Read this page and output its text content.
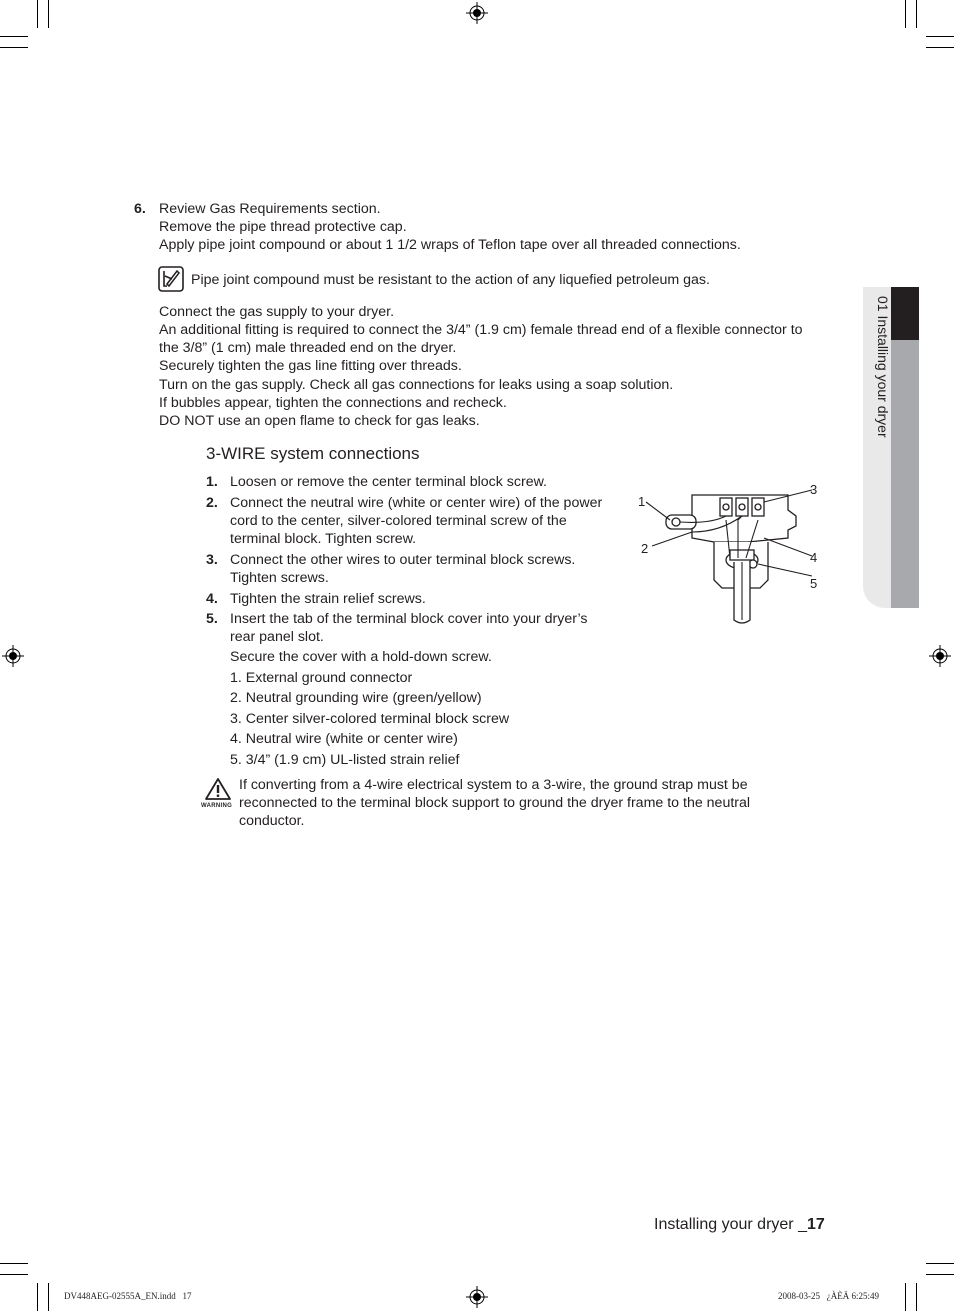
01 Installing your dryer
6. Review Gas Requirements section.
Remove the pipe thread protective cap.
Apply pipe joint compound or about 1 1/2 wraps of Teflon tape over all threaded connections.
Pipe joint compound must be resistant to the action of any liquefied petroleum gas.
Connect the gas supply to your dryer.
An additional fitting is required to connect the 3/4” (1.9 cm) female thread end of a flexible connector to
the 3/8” (1 cm) male threaded end on the dryer.
Securely tighten the gas line fitting over threads.
Turn on the gas supply. Check all gas connections for leaks using a soap solution.
If bubbles appear, tighten the connections and recheck.
DO NOT use an open flame to check for gas leaks.
3-WIRE system connections
1. Loosen or remove the center terminal block screw.
2. Connect the neutral wire (white or center wire) of the power
cord to the center, silver-colored terminal screw of the
terminal block. Tighten screw.
3. Connect the other wires to outer terminal block screws.
Tighten screws.
4. Tighten the strain relief screws.
5. Insert the tab of the terminal block cover into your dryer’s
rear panel slot.
Secure the cover with a hold-down screw.
1. External ground connector
2. Neutral grounding wire (green/yellow)
3. Center silver-colored terminal block screw
4. Neutral wire (white or center wire)
5. 3/4” (1.9 cm) UL-listed strain relief
WARNING
If converting from a 4-wire electrical system to a 3-wire, the ground strap must be
reconnected to the terminal block support to ground the dryer frame to the neutral
conductor.
1
2
3
4
5
Installing your dryer _17
DV448AEG-02555A_EN.indd   17	2008-03-25   ¿ÀÈÄ 6:25:49
